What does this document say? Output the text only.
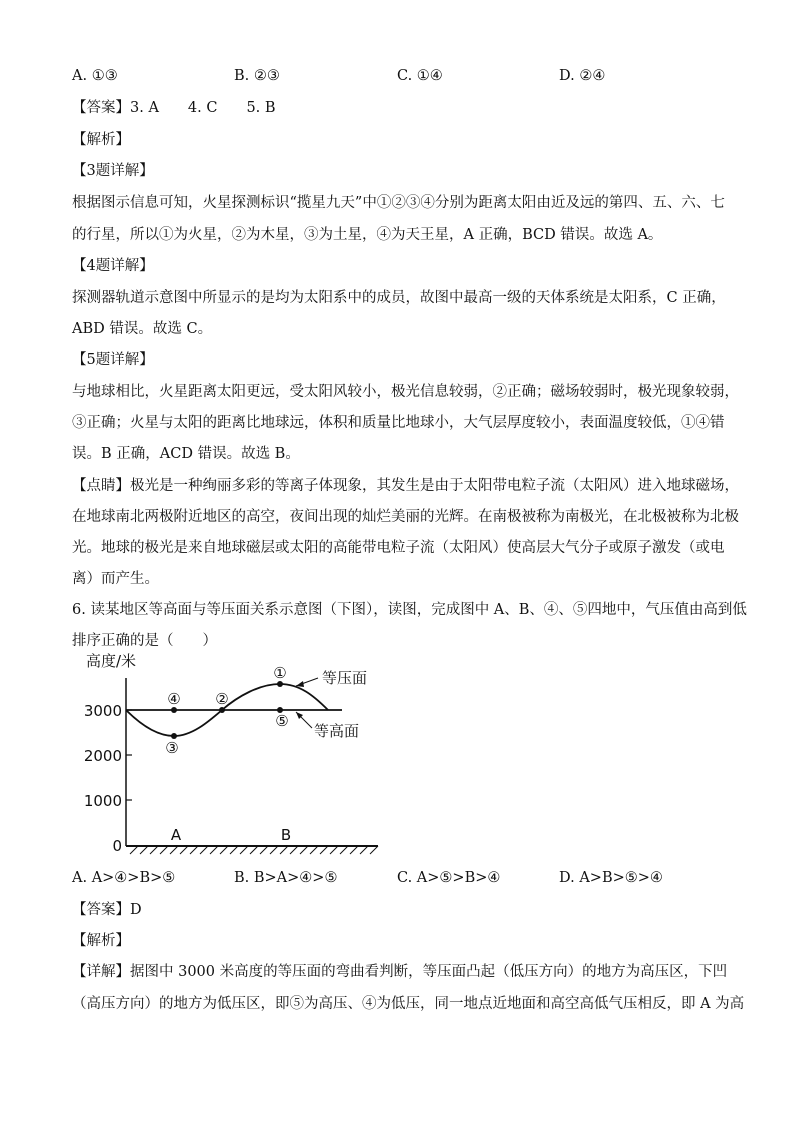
A. ①③	B. ②③	C. ①④	D. ②④
【答案】3. A　　4. C　　5. B
【解析】
【3题详解】
根据图示信息可知，火星探测标识“揽星九天”中①②③④分别为距离太阳由近及远的第四、五、六、七
的行星，所以①为火星，②为木星，③为土星，④为天王星，A 正确，BCD 错误。故选 A。
【4题详解】
探测器轨道示意图中所显示的是均为太阳系中的成员，故图中最高一级的天体系统是太阳系，C 正确，
ABD 错误。故选 C。
【5题详解】
与地球相比，火星距离太阳更远，受太阳风较小，极光信息较弱，②正确；磁场较弱时，极光现象较弱，
③正确；火星与太阳的距离比地球远，体积和质量比地球小，大气层厚度较小，表面温度较低，①④错
误。B 正确，ACD 错误。故选 B。
【点睛】极光是一种绚丽多彩的等离子体现象，其发生是由于太阳带电粒子流（太阳风）进入地球磁场，
在地球南北两极附近地区的高空，夜间出现的灿烂美丽的光辉。在南极被称为南极光，在北极被称为北极
光。地球的极光是来自地球磁层或太阳的高能带电粒子流（太阳风）使高层大气分子或原子激发（或电
离）而产生。
6. 读某地区等高面与等压面关系示意图（下图），读图，完成图中 A、B、④、⑤四地中，气压值由高到低
排序正确的是（　　）
高度/米
0
1000
2000
3000
A	B
①
②
③
④
⑤
等压面
等高面
A. A>④>B>⑤	B. B>A>④>⑤	C. A>⑤>B>④	D. A>B>⑤>④
【答案】D
【解析】
【详解】据图中 3000 米高度的等压面的弯曲看判断，等压面凸起（低压方向）的地方为高压区，下凹
（高压方向）的地方为低压区，即⑤为高压、④为低压，同一地点近地面和高空高低气压相反，即 A 为高
